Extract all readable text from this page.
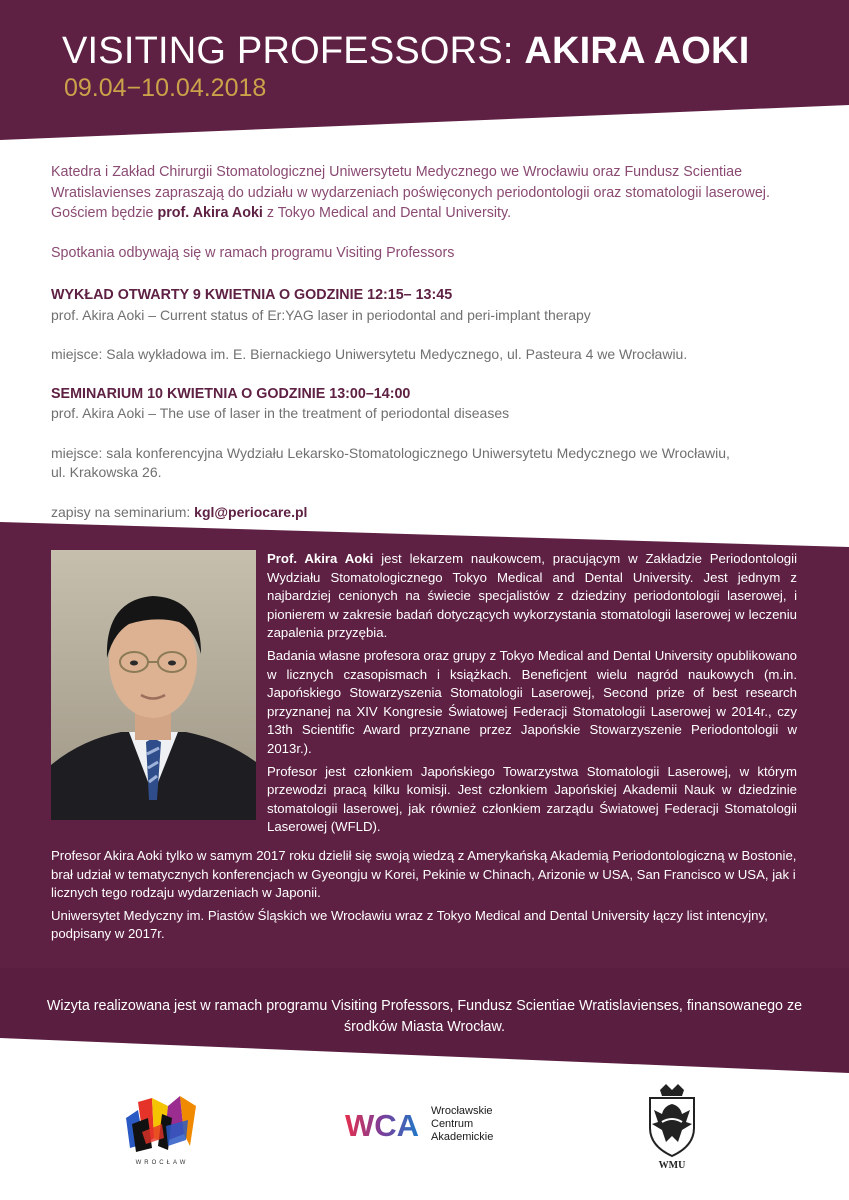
VISITING PROFESSORS: AKIRA AOKI
09.04−10.04.2018

Katedra i Zakład Chirurgii Stomatologicznej Uniwersytetu Medycznego we Wrocławiu oraz Fundusz Scientiae Wratislavienses zapraszają do udziału w wydarzeniach poświęconych periodontologii oraz stomatologii laserowej. Gościem będzie prof. Akira Aoki z Tokyo Medical and Dental University.

Spotkania odbywają się w ramach programu Visiting Professors

WYKŁAD OTWARTY 9 KWIETNIA O GODZINIE 12:15– 13:45

prof. Akira Aoki – Current status of Er:YAG laser in periodontal and peri-implant therapy

miejsce: Sala wykładowa im. E. Biernackiego Uniwersytetu Medycznego, ul. Pasteura 4 we Wrocławiu.

SEMINARIUM 10 KWIETNIA O GODZINIE 13:00–14:00

prof. Akira Aoki – The use of laser in the treatment of periodontal diseases

miejsce: sala konferencyjna Wydziału Lekarsko-Stomatologicznego Uniwersytetu Medycznego we Wrocławiu,

ul. Krakowska 26.

zapisy na seminarium: kgl@periocare.pl

Prof. Akira Aoki jest lekarzem naukowcem, pracującym w Zakładzie Periodontologii Wydziału Stomatologicznego Tokyo Medical and Dental University. Jest jednym z najbardziej cenionych na świecie specjalistów z dziedziny periodontologii laserowej, i pionierem w zakresie badań dotyczących wykorzystania stomatologii laserowej w leczeniu zapalenia przyzębia.

Badania własne profesora oraz grupy z Tokyo Medical and Dental University opublikowano w licznych czasopismach i książkach. Beneficjent wielu nagród naukowych (m.in. Japońskiego Stowarzyszenia Stomatologii Laserowej, Second prize of best research przyznanej na XIV Kongresie Światowej Federacji Stomatologii Laserowej w 2014r., czy 13th Scientific Award przyznane przez Japońskie Stowarzyszenie Periodontologii w 2013r.).

Profesor jest członkiem Japońskiego Towarzystwa Stomatologii Laserowej, w którym przewodzi pracą kilku komisji. Jest członkiem Japońskiej Akademii Nauk w dziedzinie stomatologii laserowej, jak również członkiem zarządu Światowej Federacji Stomatologii Laserowej (WFLD).

Profesor Akira Aoki tylko w samym 2017 roku dzielił się swoją wiedzą z Amerykańską Akademią Periodontologiczną w Bostonie, brał udział w tematycznych konferencjach w Gyeongju w Korei, Pekinie w Chinach, Arizonie w USA, San Francisco w USA, jak i licznych tego rodzaju wydarzeniach w Japonii.

Uniwersytet Medyczny im. Piastów Śląskich we Wrocławiu wraz z Tokyo Medical and Dental University łączy list intencyjny, podpisany w 2017r.

Wizyta realizowana jest w ramach programu Visiting Professors, Fundusz Scientiae Wratislavienses, finansowanego ze środków Miasta Wrocław.
WROCŁAW
WCA Wrocławskie
Centrum
Akademickie
WMU
